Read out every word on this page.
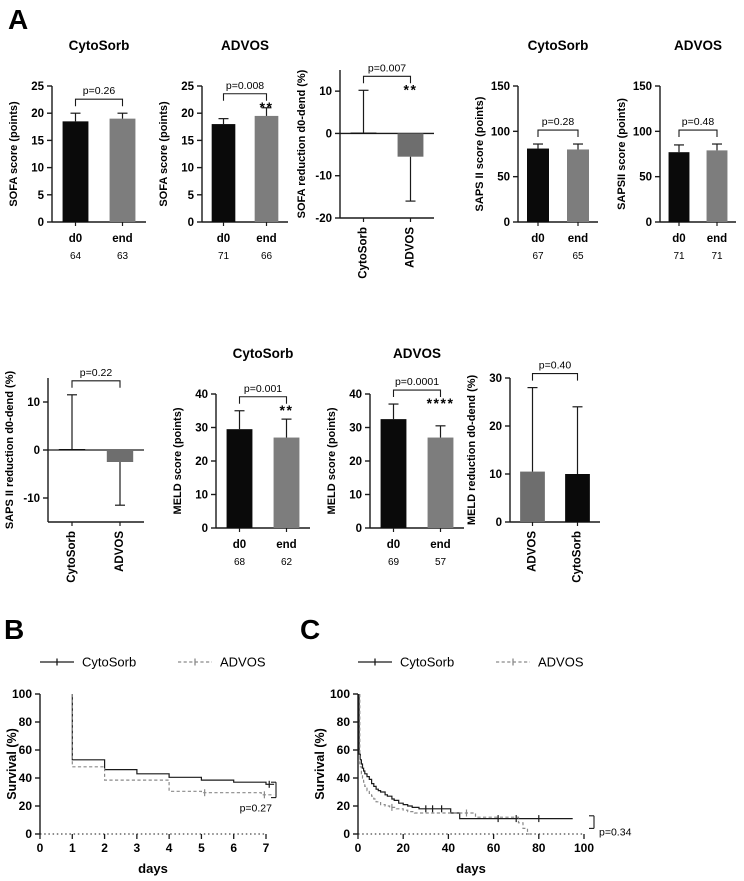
A
B	C
CytoSorb
SOFA score (points)
0
5
10
15
20
25
d0
64
end
63
p=0.26
ADVOS
SOFA score (points)
0
5
10
15
20
25
d0
71
end
66
p=0.008
** SOFA reduction d0-dend (%)
-20
-10
0
10
CytoSorb	ADVOS
p=0.007
**
CytoSorb
SAPS II score (points)
0
50
100
150
d0
67
end
65
p=0.28
ADVOS
SAPSII score (points)
0
50
100
150
d0
71
end
71
p=0.48
SAPS II reduction d0-dend (%) -10
0
10
CytoSorb	ADVOS
p=0.22
CytoSorb
MELD score (points)
0
10
20
30
40
d0
68
end
62
p=0.001
**
ADVOS
MELD score (points)
0
10
20
30
40
d0
69
end
57
p=0.0001
**** MELD reduction d0-dend (%) 0
10
20
30
ADVOS	CytoSorb
p=0.40
CytoSorb	ADVOS
0
20
40
60
80
100
Survival (%)
0 1 2 3 4 5 6 7
days
p=0.27
CytoSorb	ADVOS
0
20
40
60
80
100
Survival (%)
0	20	40	60	80 100
days
p=0.34
